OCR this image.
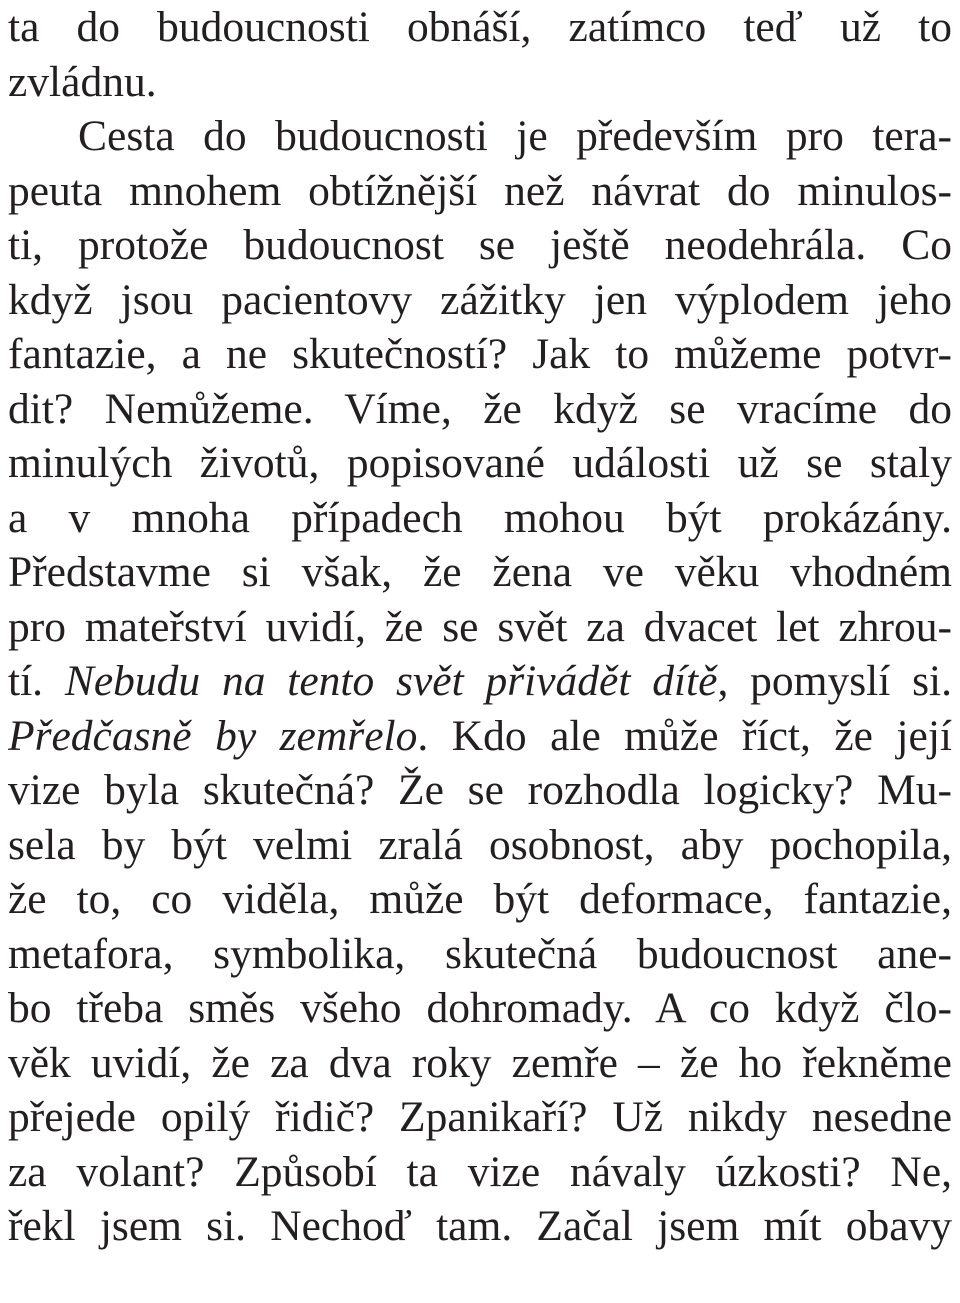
ta do budoucnosti obnáší, zatímco teď už to
zvládnu.
Cesta do budoucnosti je především pro tera-
peuta mnohem obtížnější než návrat do minulos-
ti, protože budoucnost se ještě neodehrála. Co
když jsou pacientovy zážitky jen výplodem jeho
fantazie, a ne skutečností? Jak to můžeme potvr-
dit? Nemůžeme. Víme, že když se vracíme do
minulých životů, popisované události už se staly
a v mnoha případech mohou být prokázány.
Představme si však, že žena ve věku vhodném
pro mateřství uvidí, že se svět za dvacet let zhrou-
tí. Nebudu na tento svět přivádět dítě, pomyslí si.
Předčasně by zemřelo. Kdo ale může říct, že její
vize byla skutečná? Že se rozhodla logicky? Mu-
sela by být velmi zralá osobnost, aby pochopila,
že to, co viděla, může být deformace, fantazie,
metafora, symbolika, skutečná budoucnost ane-
bo třeba směs všeho dohromady. A co když člo-
věk uvidí, že za dva roky zemře – že ho řekněme
přejede opilý řidič? Zpanikaří? Už nikdy nesedne
za volant? Způsobí ta vize návaly úzkosti? Ne,
řekl jsem si. Nechoď tam. Začal jsem mít obavy
